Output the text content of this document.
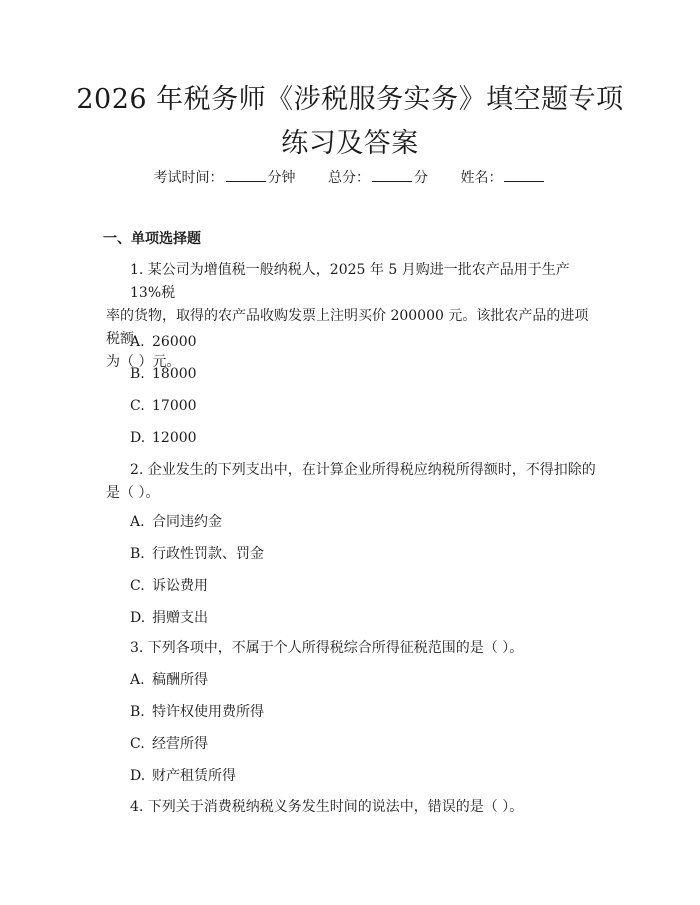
2026 年税务师《涉税服务实务》填空题专项
练习及答案
考试时间：	分钟 总分：	分 姓名：
一、单项选择题
1. 某公司为增值税一般纳税人，2025 年 5 月购进一批农产品用于生产 13%税
率的货物，取得的农产品收购发票上注明买价 200000 元。该批农产品的进项税额
为（ ）元。
A. 26000
B. 18000
C. 17000
D. 12000
2. 企业发生的下列支出中，在计算企业所得税应纳税所得额时，不得扣除的
是（ ）。
A. 合同违约金
B. 行政性罚款、罚金
C. 诉讼费用
D. 捐赠支出
3. 下列各项中，不属于个人所得税综合所得征税范围的是（ ）。
A. 稿酬所得
B. 特许权使用费所得
C. 经营所得
D. 财产租赁所得
4. 下列关于消费税纳税义务发生时间的说法中，错误的是（ ）。
